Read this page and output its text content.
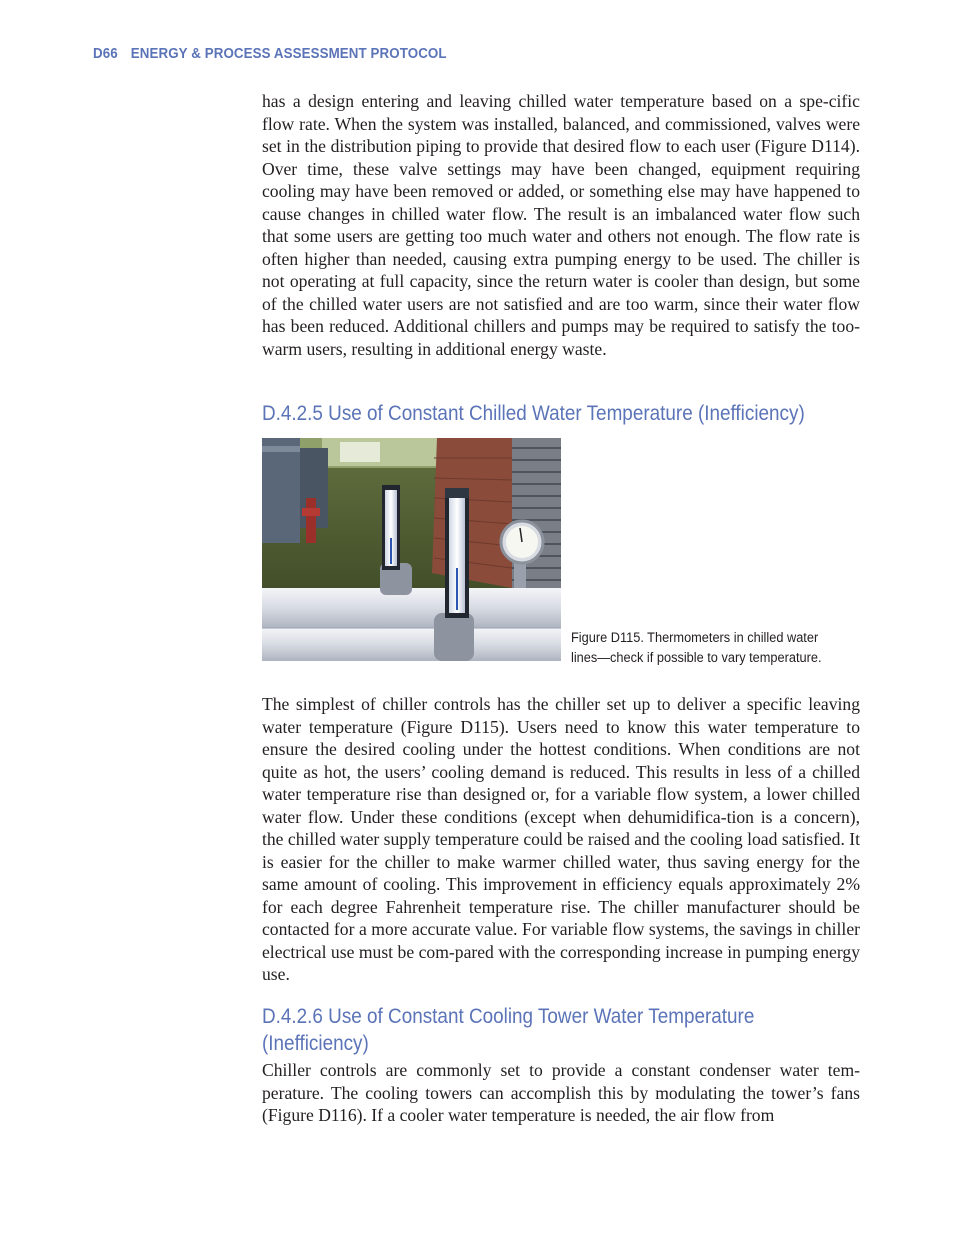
D66 ENERGY & PROCESS ASSESSMENT PROTOCOL

has a design entering and leaving chilled water temperature based on a spe-cific flow rate. When the system was installed, balanced, and commissioned, valves were set in the distribution piping to provide that desired flow to each user (Figure D114). Over time, these valve settings may have been changed, equipment requiring cooling may have been removed or added, or something else may have happened to cause changes in chilled water flow. The result is an imbalanced water flow such that some users are getting too much water and others not enough. The flow rate is often higher than needed, causing extra pumping energy to be used. The chiller is not operating at full capacity, since the return water is cooler than design, but some of the chilled water users are not satisfied and are too warm, since their water flow has been reduced. Additional chillers and pumps may be required to satisfy the too-warm users, resulting in additional energy waste.

D.4.2.5 Use of Constant Chilled Water Temperature (Inefficiency)

Figure D115. Thermometers in chilled water
lines—check if possible to vary temperature.

The simplest of chiller controls has the chiller set up to deliver a specific leaving water temperature (Figure D115). Users need to know this water temperature to ensure the desired cooling under the hottest conditions. When conditions are not quite as hot, the users’ cooling demand is reduced. This results in less of a chilled water temperature rise than designed or, for a variable flow system, a lower chilled water flow. Under these conditions (except when dehumidifica-tion is a concern), the chilled water supply temperature could be raised and the cooling load satisfied. It is easier for the chiller to make warmer chilled water, thus saving energy for the same amount of cooling. This improvement in efficiency equals approximately 2% for each degree Fahrenheit temperature rise. The chiller manufacturer should be contacted for a more accurate value. For variable flow systems, the savings in chiller electrical use must be com-pared with the corresponding increase in pumping energy use.

D.4.2.6 Use of Constant Cooling Tower Water Temperature
(Inefficiency)

Chiller controls are commonly set to provide a constant condenser water tem-perature. The cooling towers can accomplish this by modulating the tower’s fans (Figure D116). If a cooler water temperature is needed, the air flow from
